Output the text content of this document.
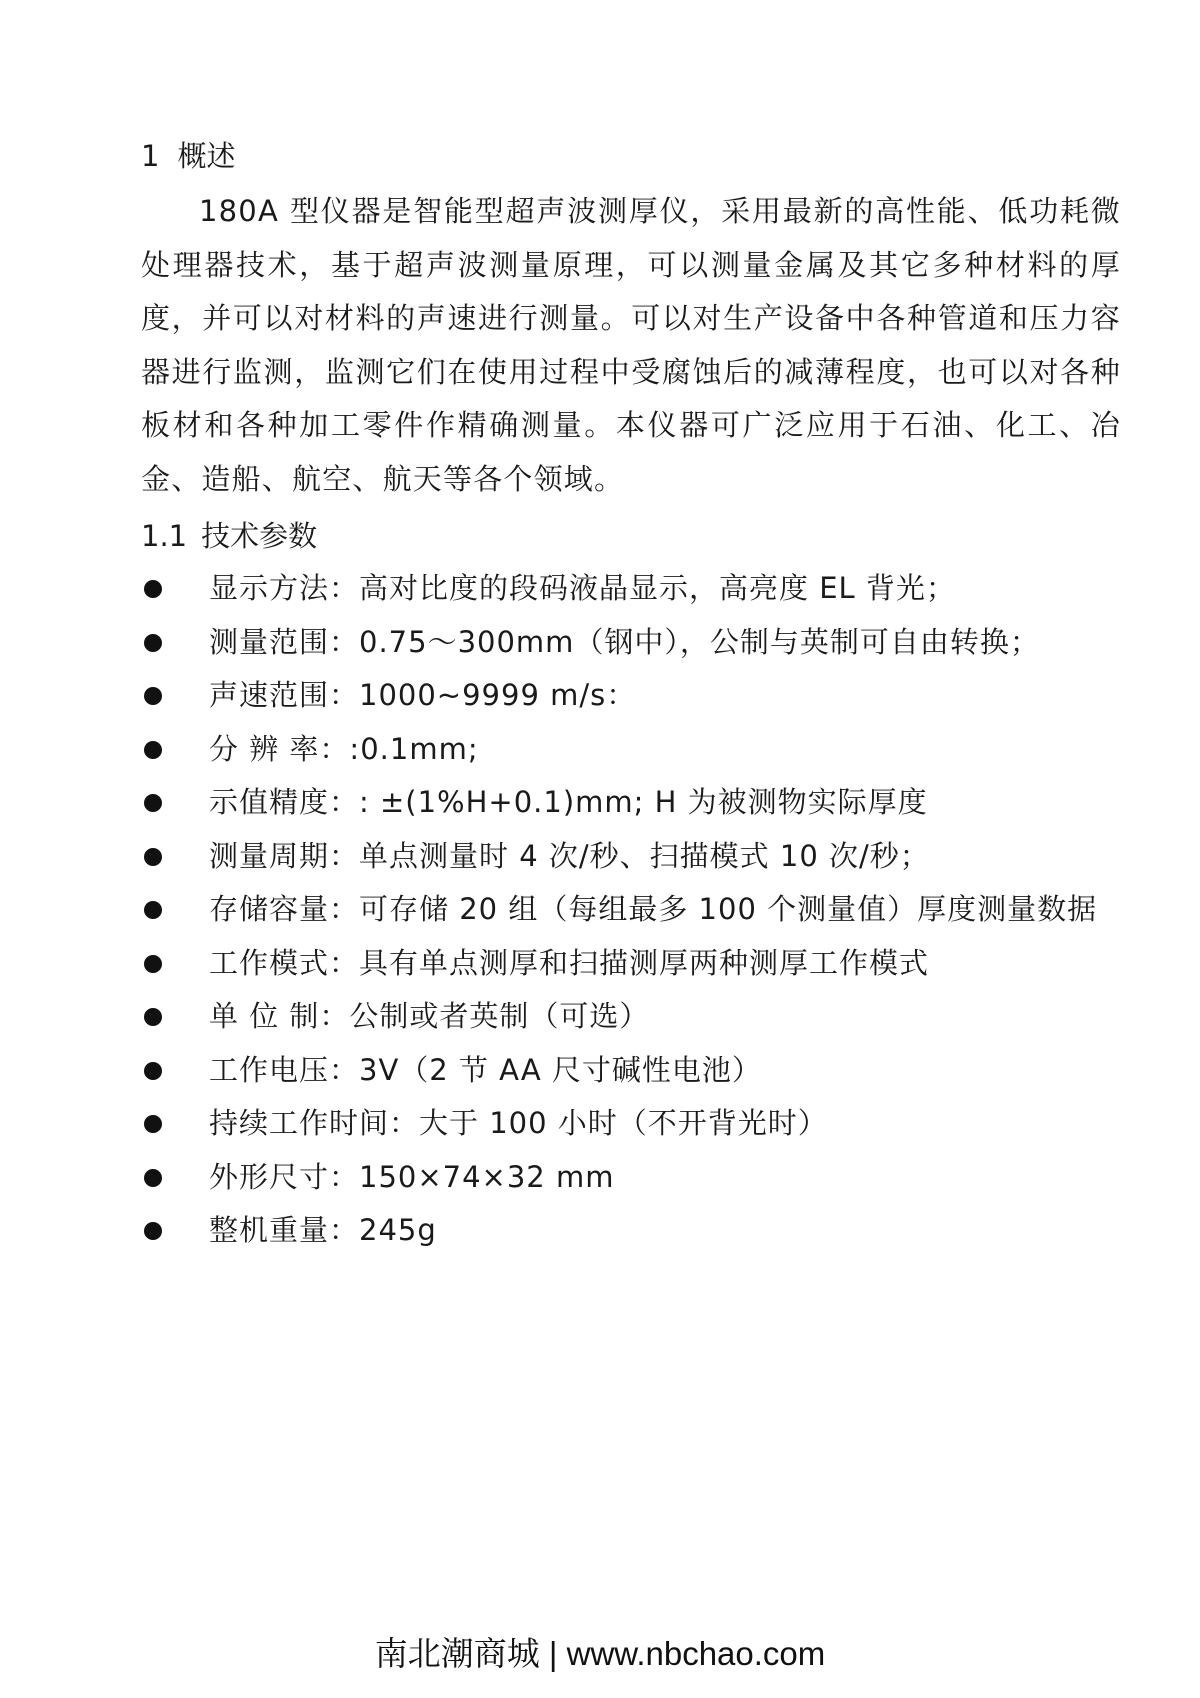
1 概述

180A 型仪器是智能型超声波测厚仪，采用最新的高性能、低功耗微处理器技术，基于超声波测量原理，可以测量金属及其它多种材料的厚度，并可以对材料的声速进行测量。可以对生产设备中各种管道和压力容器进行监测，监测它们在使用过程中受腐蚀后的减薄程度，也可以对各种板材和各种加工零件作精确测量。本仪器可广泛应用于石油、化工、冶金、造船、航空、航天等各个领域。

1.1 技术参数
显示方法：高对比度的段码液晶显示，高亮度 EL 背光；
测量范围：0.75～300mm（钢中），公制与英制可自由转换；
声速范围：1000~9999 m/s：
分 辨 率：:0.1mm;
示值精度：: ±(1%H+0.1)mm; H 为被测物实际厚度
测量周期：单点测量时 4 次/秒、扫描模式 10 次/秒；
存储容量：可存储 20 组（每组最多 100 个测量值）厚度测量数据
工作模式：具有单点测厚和扫描测厚两种测厚工作模式
单 位 制：公制或者英制（可选）
工作电压：3V（2 节 AA 尺寸碱性电池）
持续工作时间：大于 100 小时（不开背光时）
外形尺寸：150×74×32 mm
整机重量：245g
南北潮商城 | www.nbchao.com
